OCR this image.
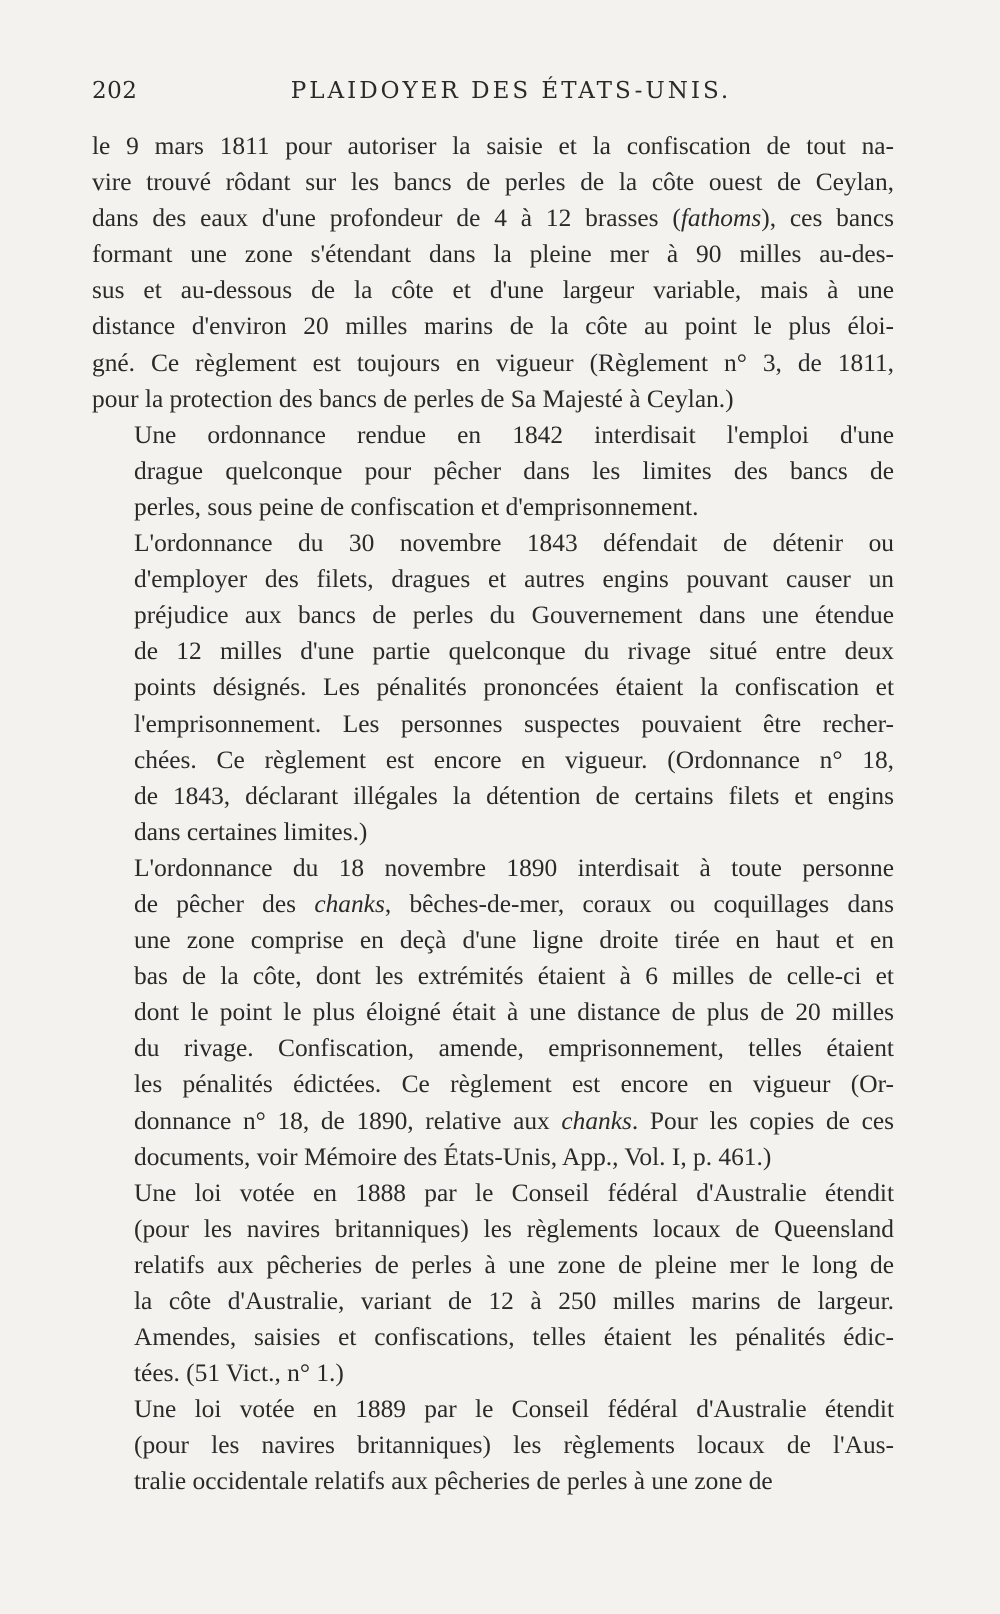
202	PLAIDOYER DES ÉTATS-UNIS.

le 9 mars 1811 pour autoriser la saisie et la confiscation de tout na-
vire trouvé rôdant sur les bancs de perles de la côte ouest de Ceylan,
dans des eaux d'une profondeur de 4 à 12 brasses (fathoms), ces bancs
formant une zone s'étendant dans la pleine mer à 90 milles au-des-
sus et au-dessous de la côte et d'une largeur variable, mais à une
distance d'environ 20 milles marins de la côte au point le plus éloi-
gné. Ce règlement est toujours en vigueur (Règlement n° 3, de 1811,
pour la protection des bancs de perles de Sa Majesté à Ceylan.)

Une ordonnance rendue en 1842 interdisait l'emploi d'une
drague quelconque pour pêcher dans les limites des bancs de
perles, sous peine de confiscation et d'emprisonnement.

L'ordonnance du 30 novembre 1843 défendait de détenir ou
d'employer des filets, dragues et autres engins pouvant causer un
préjudice aux bancs de perles du Gouvernement dans une étendue
de 12 milles d'une partie quelconque du rivage situé entre deux
points désignés. Les pénalités prononcées étaient la confiscation et
l'emprisonnement. Les personnes suspectes pouvaient être recher-
chées. Ce règlement est encore en vigueur. (Ordonnance n° 18,
de 1843, déclarant illégales la détention de certains filets et engins
dans certaines limites.)

L'ordonnance du 18 novembre 1890 interdisait à toute personne
de pêcher des chanks, bêches-de-mer, coraux ou coquillages dans
une zone comprise en deçà d'une ligne droite tirée en haut et en
bas de la côte, dont les extrémités étaient à 6 milles de celle-ci et
dont le point le plus éloigné était à une distance de plus de 20 milles
du rivage. Confiscation, amende, emprisonnement, telles étaient
les pénalités édictées. Ce règlement est encore en vigueur (Or-
donnance n° 18, de 1890, relative aux chanks. Pour les copies de ces
documents, voir Mémoire des États-Unis, App., Vol. I, p. 461.)

Une loi votée en 1888 par le Conseil fédéral d'Australie étendit
(pour les navires britanniques) les règlements locaux de Queensland
relatifs aux pêcheries de perles à une zone de pleine mer le long de
la côte d'Australie, variant de 12 à 250 milles marins de largeur.
Amendes, saisies et confiscations, telles étaient les pénalités édic-
tées. (51 Vict., n° 1.)

Une loi votée en 1889 par le Conseil fédéral d'Australie étendit
(pour les navires britanniques) les règlements locaux de l'Aus-
tralie occidentale relatifs aux pêcheries de perles à une zone de
